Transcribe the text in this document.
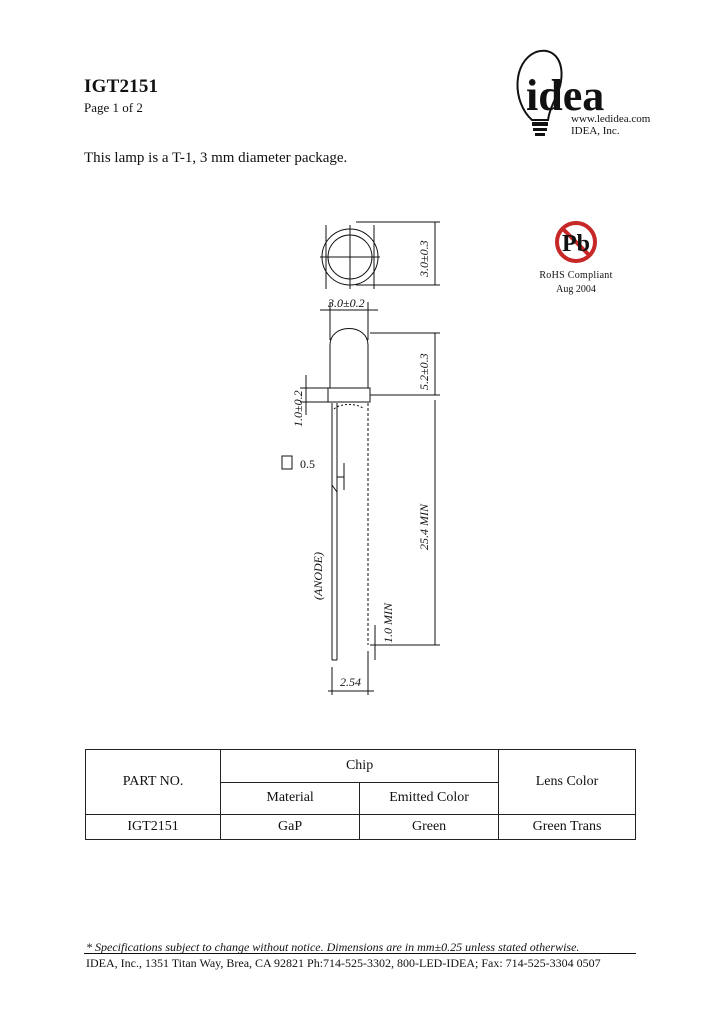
IGT2151
Page 1 of 2	idea
www.ledidea.com
IDEA, Inc.
This lamp is a T-1, 3 mm diameter package.
Pb
RoHS Compliant
Aug 2004
3.0±0.3
3.0±0.2
5.2±0.3
1.0±0.2
0.5
25.4 MIN
(ANODE)
1.0 MIN
2.54
PART NO.	Chip		Lens Color
	Material	Emitted Color	
IGT2151	GaP	Green	Green Trans
* Specifications subject to change without notice. Dimensions are in mm±0.25 unless stated otherwise.
IDEA, Inc., 1351 Titan Way, Brea, CA 92821 Ph:714-525-3302, 800-LED-IDEA; Fax: 714-525-3304 0507
